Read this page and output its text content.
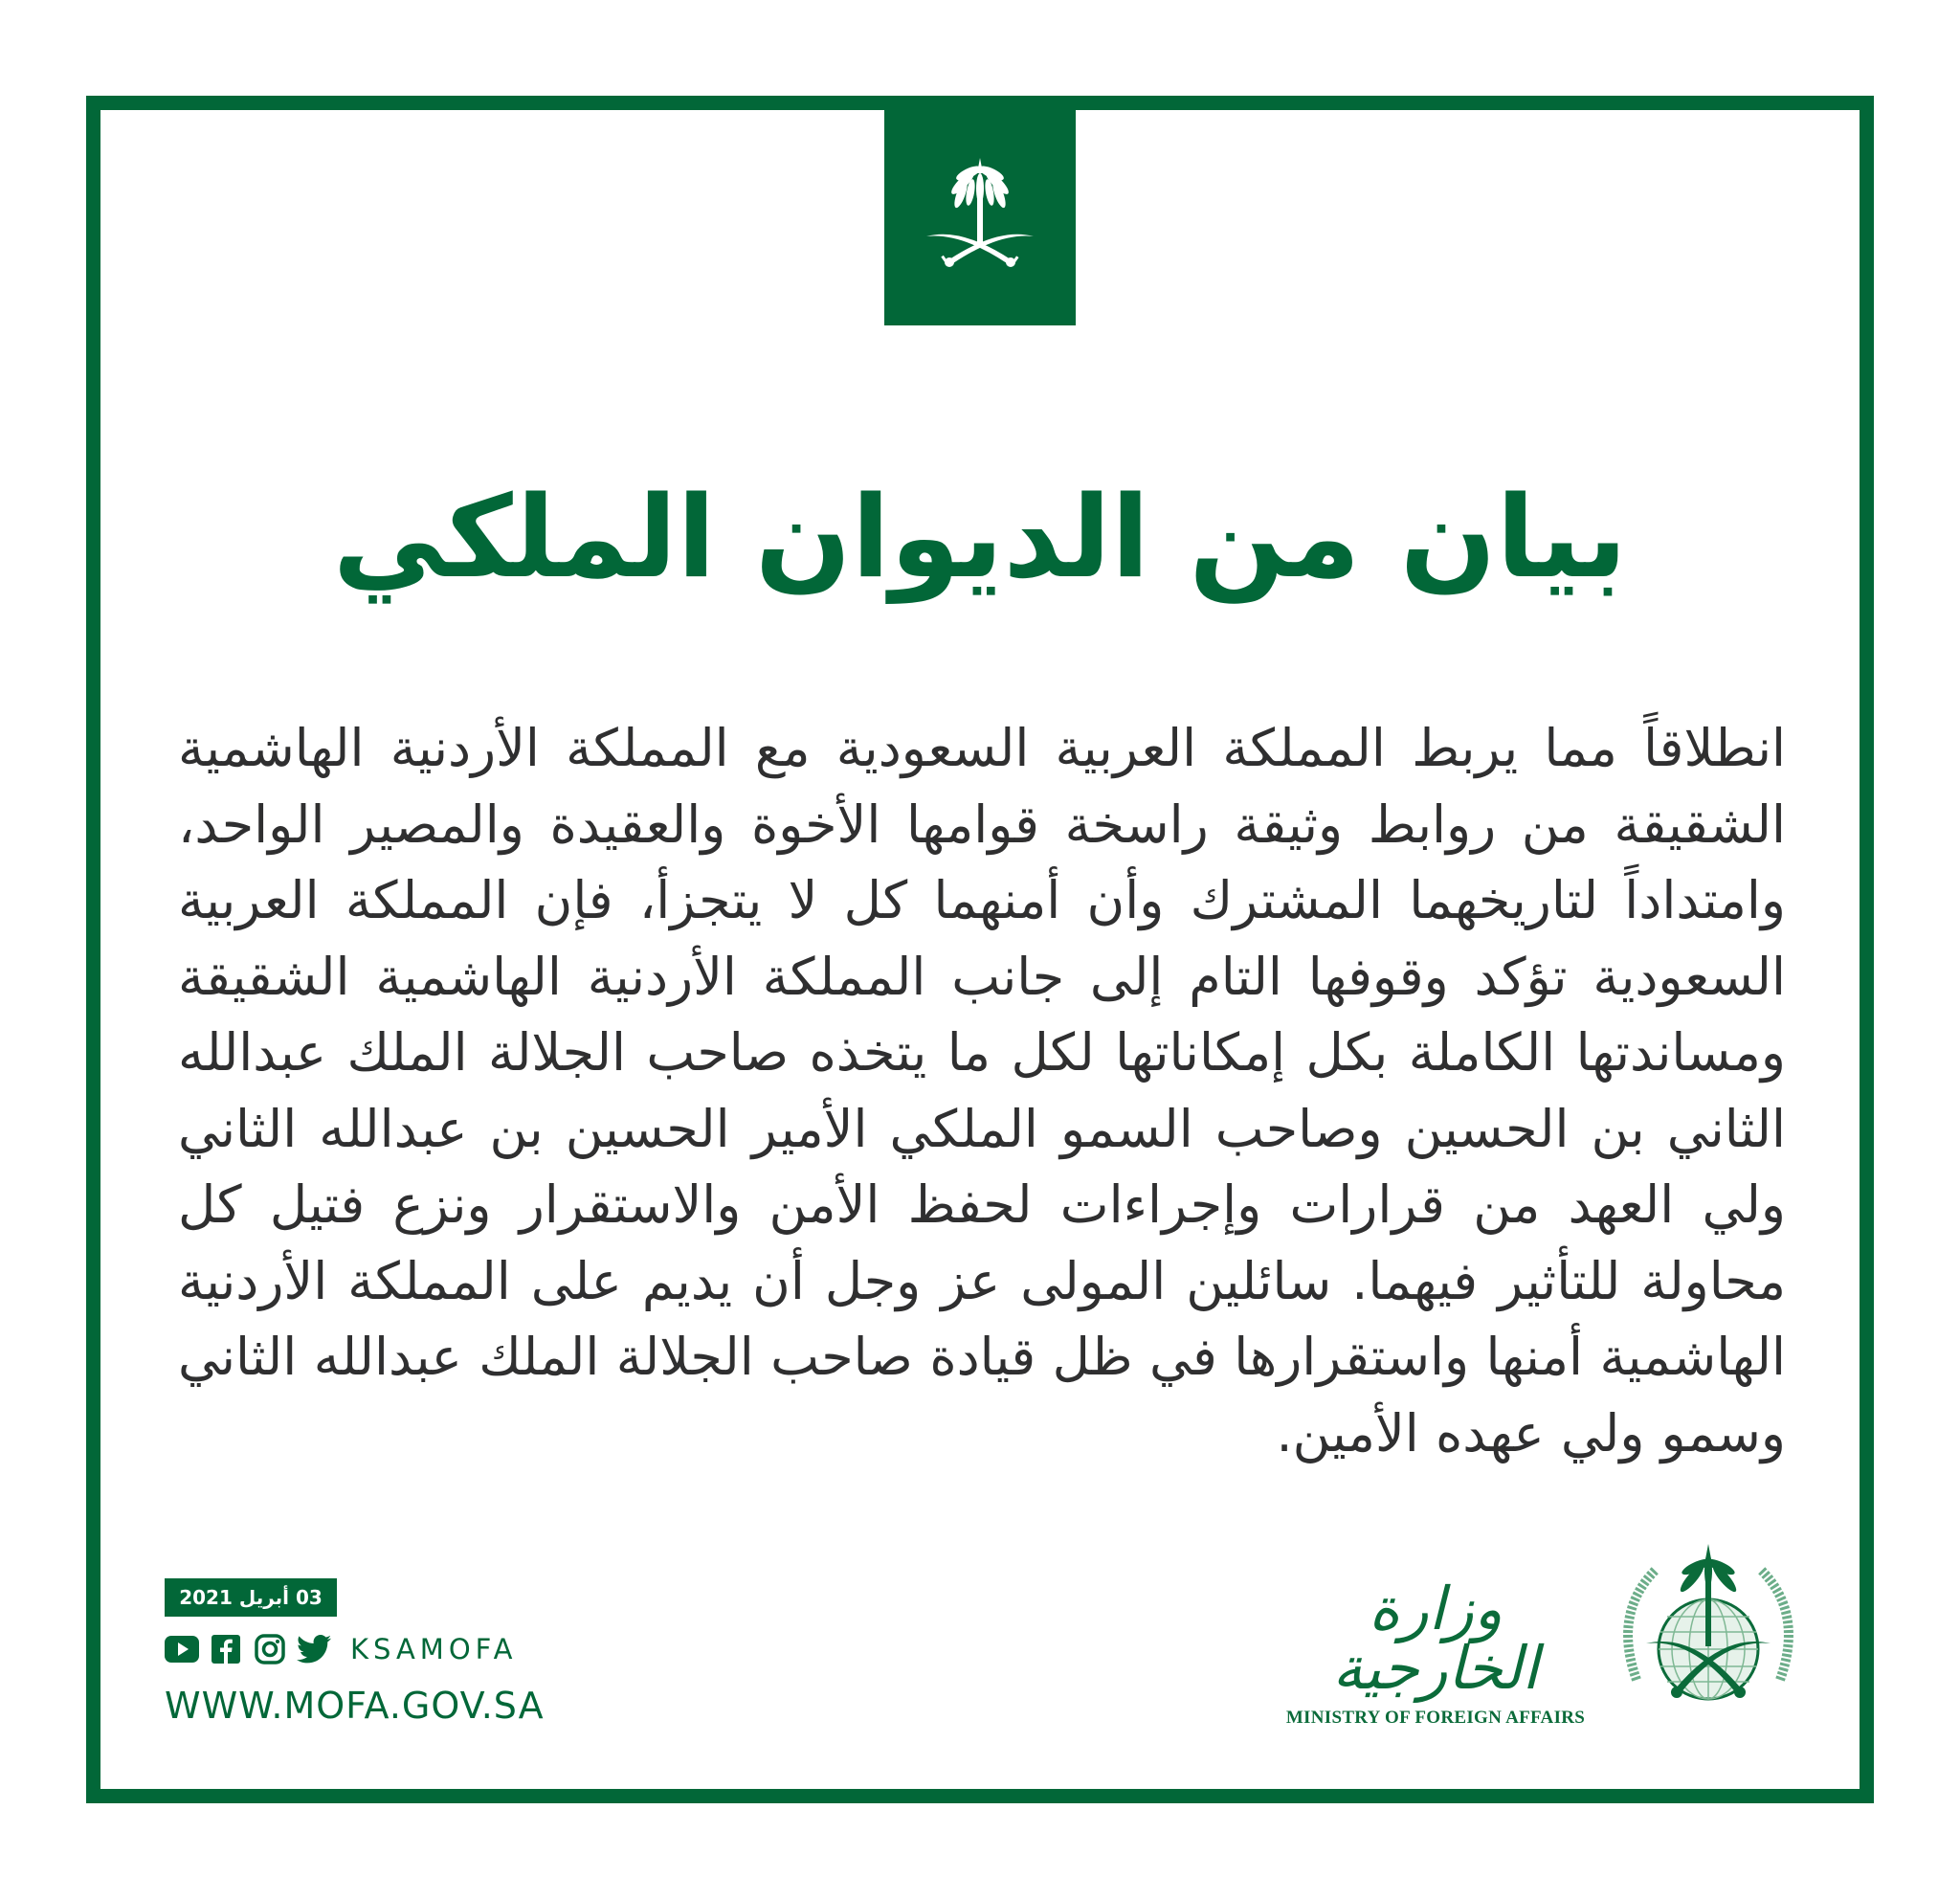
بيان من الديوان الملكي
انطلاقاً مما يربط المملكة العربية السعودية مع المملكة الأردنية الهاشمية الشقيقة من روابط وثيقة راسخة قوامها الأخوة والعقيدة والمصير الواحد، وامتداداً لتاريخهما المشترك وأن أمنهما كل لا يتجزأ، فإن المملكة العربية السعودية تؤكد وقوفها التام إلى جانب المملكة الأردنية الهاشمية الشقيقة ومساندتها الكاملة بكل إمكاناتها لكل ما يتخذه صاحب الجلالة الملك عبدالله الثاني بن الحسين وصاحب السمو الملكي الأمير الحسين بن عبدالله الثاني ولي العهد من قرارات وإجراءات لحفظ الأمن والاستقرار ونزع فتيل كل محاولة للتأثير فيهما. سائلين المولى عز وجل أن يديم على المملكة الأردنية الهاشمية أمنها واستقرارها في ظل قيادة صاحب الجلالة الملك عبدالله الثاني وسمو ولي عهده الأمين.
03 أبريل 2021
KSAMOFA
WWW.MOFA.GOV.SA
وزارة الخارجية
MINISTRY OF FOREIGN AFFAIRS
